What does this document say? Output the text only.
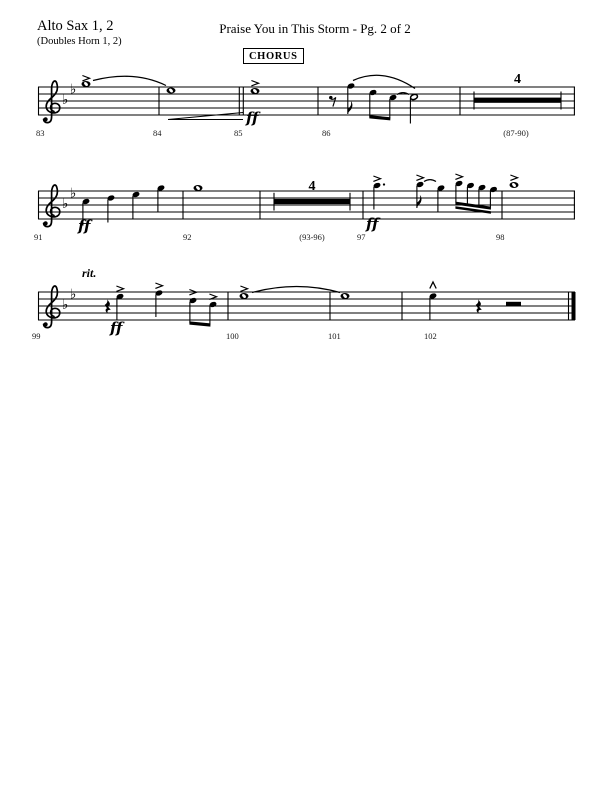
Alto Sax 1, 2
(Doubles Horn 1, 2)
Praise You in This Storm - Pg. 2 of 2
CHORUS
♭
♭
ff
4
83	84	85	86	(87-90)
♭
♭
ff
4
ff
91	92	(93-96)	97	98
rit.
♭
♭
ff
99	100	101	102
